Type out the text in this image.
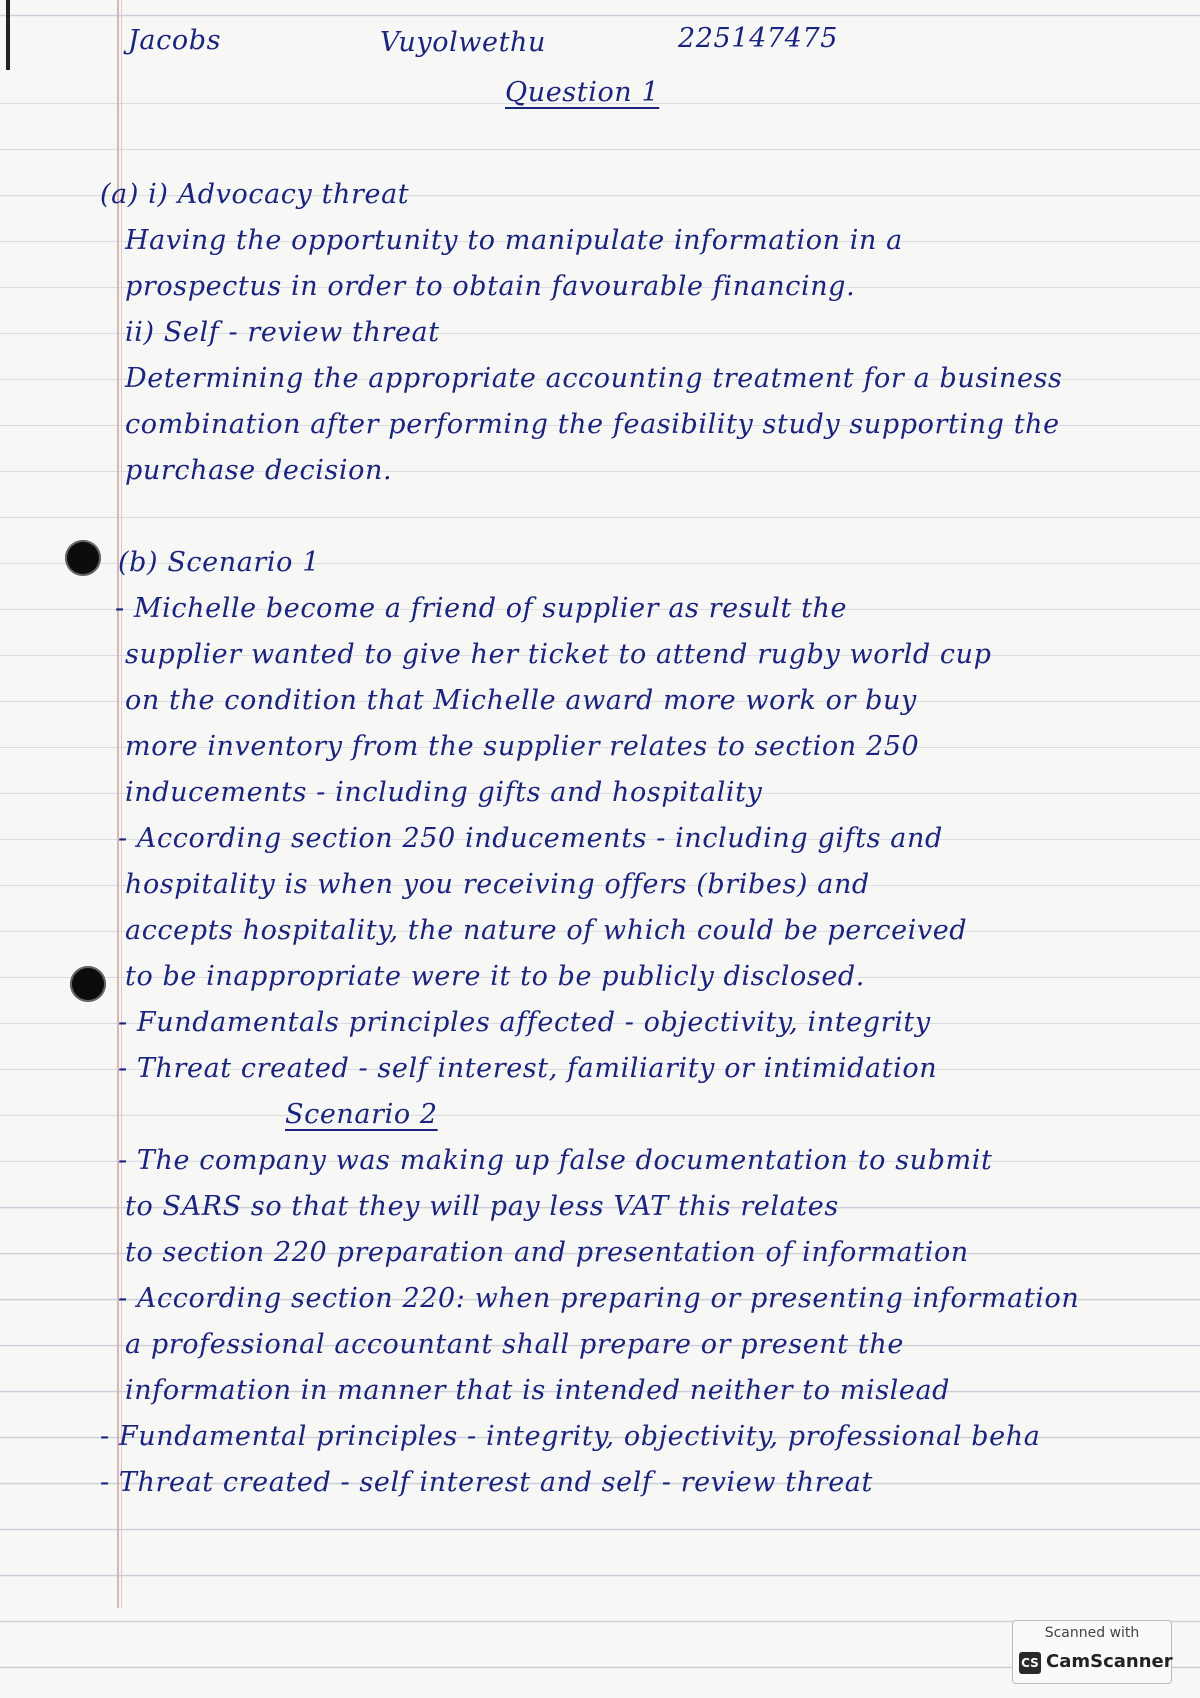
Jacobs	Vuyolwethu	225147475
Question 1
(a) i) Advocacy threat
Having the opportunity to manipulate information in a
prospectus in order to obtain favourable financing.
ii) Self - review threat
Determining the appropriate accounting treatment for a business
combination after performing the feasibility study supporting the
purchase decision.
(b) Scenario 1
- Michelle become a friend of supplier as result the
supplier wanted to give her ticket to attend rugby world cup
on the condition that Michelle award more work or buy
more inventory from the supplier relates to section 250
inducements - including gifts and hospitality
- According section 250 inducements - including gifts and
hospitality is when you receiving offers (bribes) and
accepts hospitality, the nature of which could be perceived
to be inappropriate were it to be publicly disclosed.
- Fundamentals principles affected - objectivity, integrity
- Threat created - self interest, familiarity or intimidation
Scenario 2
- The company was making up false documentation to submit
to SARS so that they will pay less VAT this relates
to section 220 preparation and presentation of information
- According section 220: when preparing or presenting information
a professional accountant shall prepare or present the
information in manner that is intended neither to mislead
- Fundamental principles - integrity, objectivity, professional beha
- Threat created - self interest and self - review threat
Scanned with
CS CamScanner
